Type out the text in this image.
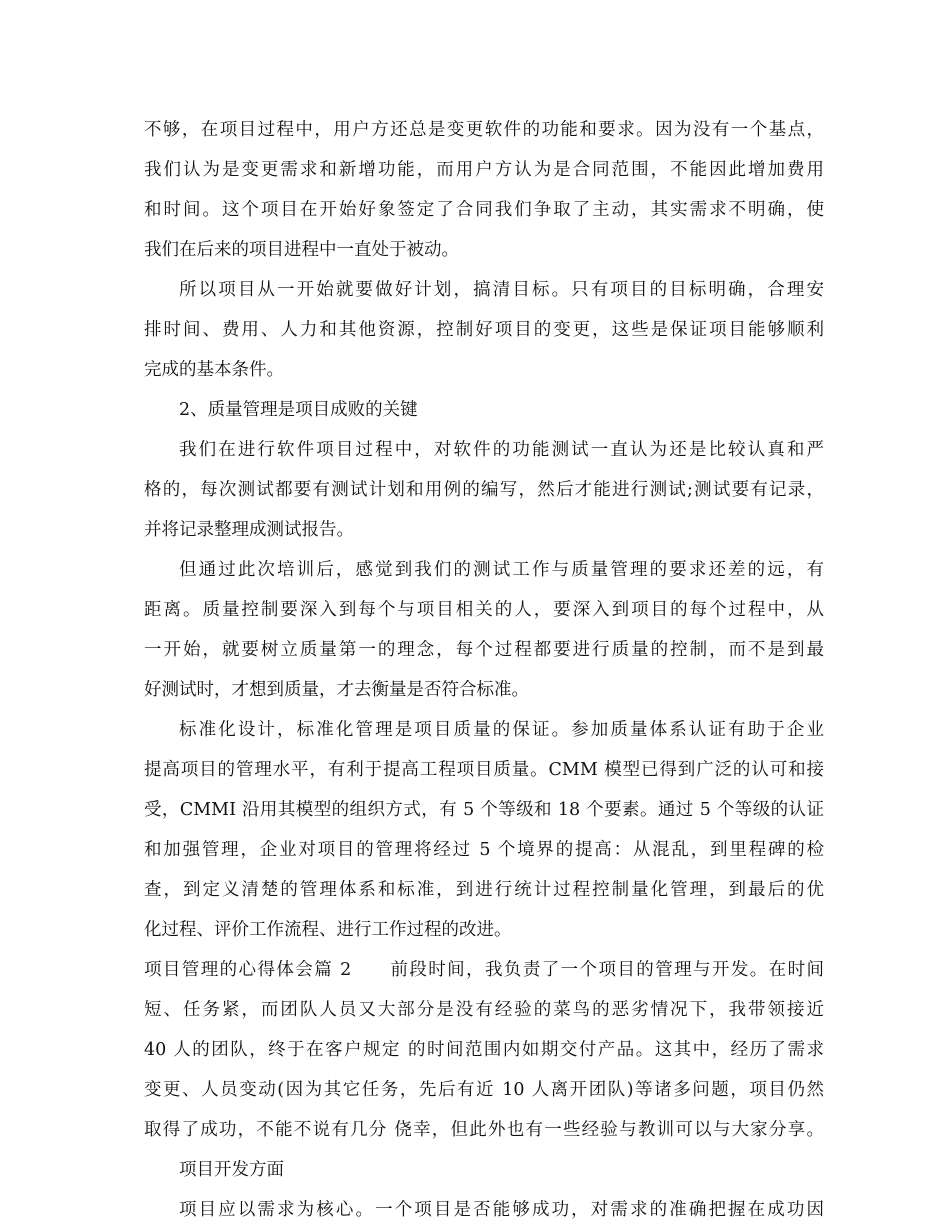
不够，在项目过程中，用户方还总是变更软件的功能和要求。因为没有一个基点，
我们认为是变更需求和新增功能，而用户方认为是合同范围，不能因此增加费用
和时间。这个项目在开始好象签定了合同我们争取了主动，其实需求不明确，使
我们在后来的项目进程中一直处于被动。
所以项目从一开始就要做好计划，搞清目标。只有项目的目标明确，合理安
排时间、费用、人力和其他资源，控制好项目的变更，这些是保证项目能够顺利
完成的基本条件。
2、质量管理是项目成败的关键
我们在进行软件项目过程中，对软件的功能测试一直认为还是比较认真和严
格的，每次测试都要有测试计划和用例的编写，然后才能进行测试;测试要有记录，
并将记录整理成测试报告。
但通过此次培训后，感觉到我们的测试工作与质量管理的要求还差的远，有
距离。质量控制要深入到每个与项目相关的人，要深入到项目的每个过程中，从
一开始，就要树立质量第一的理念，每个过程都要进行质量的控制，而不是到最
好测试时，才想到质量，才去衡量是否符合标准。
标准化设计，标准化管理是项目质量的保证。参加质量体系认证有助于企业
提高项目的管理水平，有利于提高工程项目质量。CMM 模型已得到广泛的认可和接
受，CMMI 沿用其模型的组织方式，有 5 个等级和 18 个要素。通过 5 个等级的认证
和加强管理，企业对项目的管理将经过 5 个境界的提高：从混乱，到里程碑的检
查，到定义清楚的管理体系和标准，到进行统计过程控制量化管理，到最后的优
化过程、评价工作流程、进行工作过程的改进。
项目管理的心得体会篇 2　　前段时间，我负责了一个项目的管理与开发。在时间
短、任务紧，而团队人员又大部分是没有经验的菜鸟的恶劣情况下，我带领接近
40 人的团队，终于在客户规定 的时间范围内如期交付产品。这其中，经历了需求
变更、人员变动(因为其它任务，先后有近 10 人离开团队)等诸多问题，项目仍然
取得了成功，不能不说有几分 侥幸，但此外也有一些经验与教训可以与大家分享。
项目开发方面
项目应以需求为核心。一个项目是否能够成功，对需求的准确把握在成功因
